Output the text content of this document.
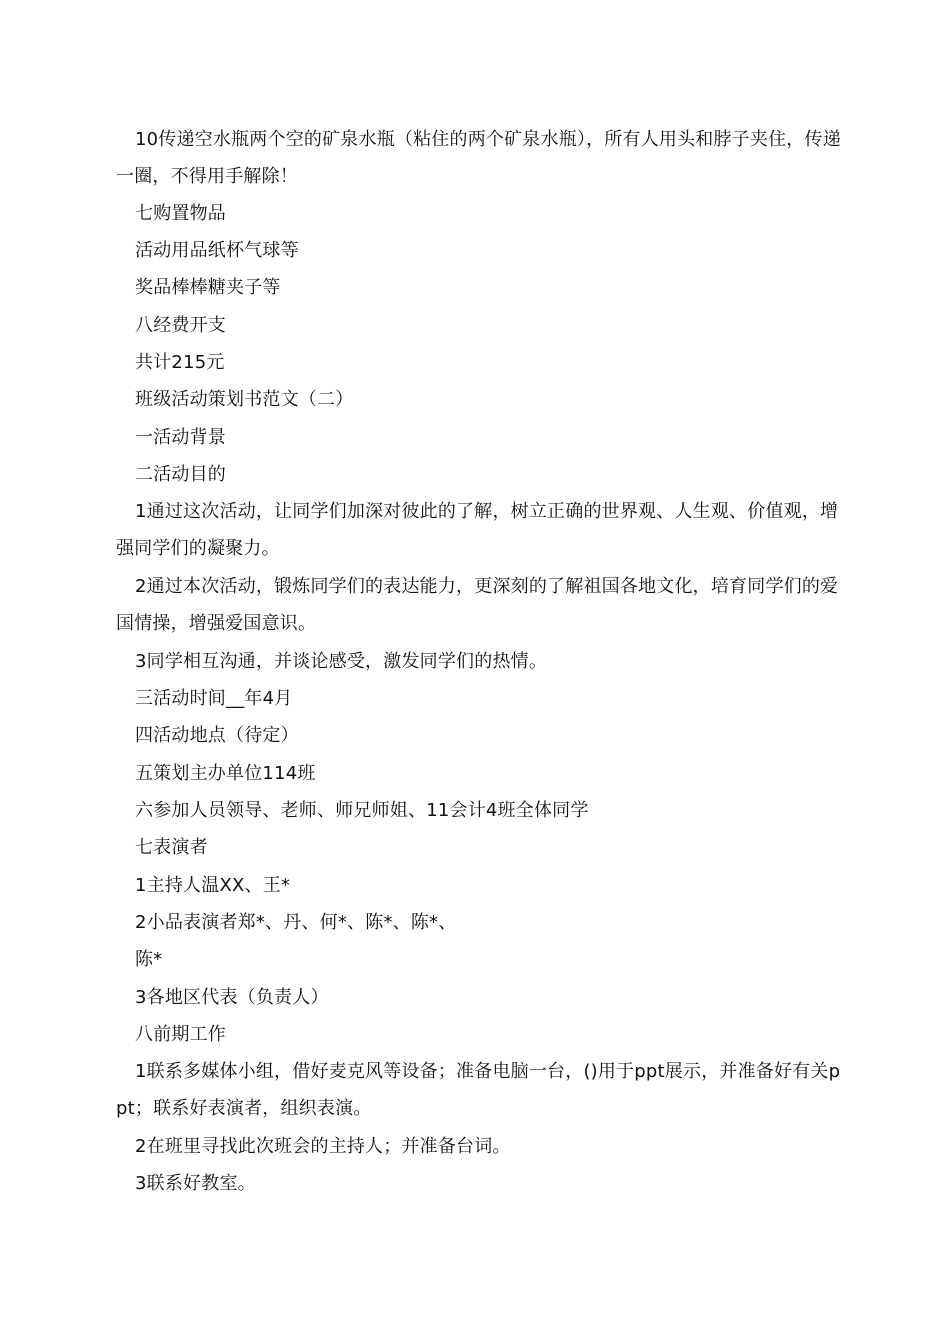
10传递空水瓶两个空的矿泉水瓶（粘住的两个矿泉水瓶），所有人用头和脖子夹住，传递一圈，不得用手解除！
七购置物品
活动用品纸杯气球等
奖品棒棒糖夹子等
八经费开支
共计215元
班级活动策划书范文（二）
一活动背景
二活动目的
1通过这次活动，让同学们加深对彼此的了解，树立正确的世界观、人生观、价值观，增强同学们的凝聚力。
2通过本次活动，锻炼同学们的表达能力，更深刻的了解祖国各地文化，培育同学们的爱国情操，增强爱国意识。
3同学相互沟通，并谈论感受，激发同学们的热情。
三活动时间__年4月
四活动地点（待定）
五策划主办单位114班
六参加人员领导、老师、师兄师姐、11会计4班全体同学
七表演者
1主持人温XX、王*
2小品表演者郑*、丹、何*、陈*、陈*、
陈*
3各地区代表（负责人）
八前期工作
1联系多媒体小组，借好麦克风等设备；准备电脑一台，()用于ppt展示，并准备好有关ppt；联系好表演者，组织表演。
2在班里寻找此次班会的主持人；并准备台词。
3联系好教室。
